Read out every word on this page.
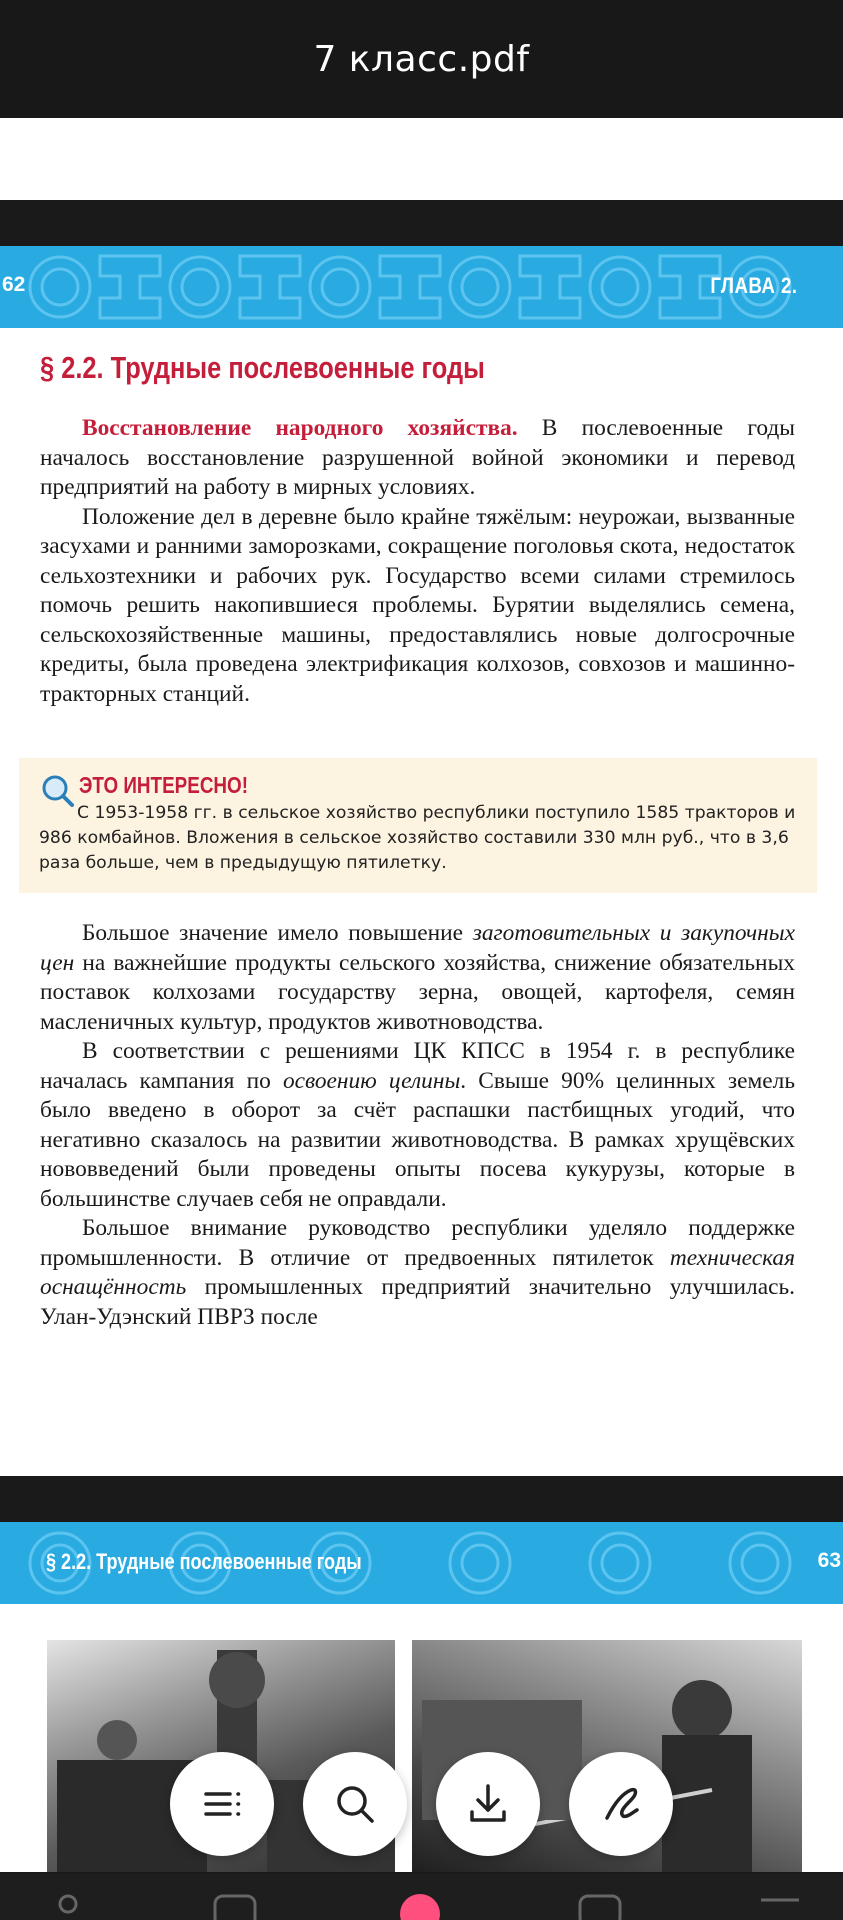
7 класс.pdf
62	ГЛАВА 2.
§ 2.2. Трудные послевоенные годы

Восстановление народного хозяйства. В послевоенные годы началось восстановление разрушенной войной экономики и перевод предприятий на работу в мирных условиях.

Положение дел в деревне было крайне тяжёлым: неурожаи, вызванные засухами и ранними заморозками, сокращение поголовья скота, недостаток сельхозтехники и рабочих рук. Государство всеми силами стремилось помочь решить накопившиеся проблемы. Бурятии выделялись семена, сельскохозяйственные машины, предоставлялись новые долгосрочные кредиты, была проведена электрификация колхозов, совхозов и машинно-тракторных станций.

ЭТО ИНТЕРЕСНО!
С 1953-1958 гг. в сельское хозяйство республики поступило 1585 тракторов и 986 комбайнов. Вложения в сельское хозяйство составили 330 млн руб., что в 3,6 раза больше, чем в предыдущую пятилетку.

Большое значение имело повышение заготовительных и закупочных цен на важнейшие продукты сельского хозяйства, снижение обязательных поставок колхозами государству зерна, овощей, картофеля, семян масленичных культур, продуктов животноводства.

В соответствии с решениями ЦК КПСС в 1954 г. в республике началась кампания по освоению целины. Свыше 90% целинных земель было введено в оборот за счёт распашки пастбищных угодий, что негативно сказалось на развитии животноводства. В рамках хрущёвских нововведений были проведены опыты посева кукурузы, которые в большинстве случаев себя не оправдали.

Большое внимание руководство республики уделяло поддержке промышленности. В отличие от предвоенных пятилеток техническая оснащённость промышленных предприятий значительно улучшилась. Улан-Удэнский ПВРЗ после

§ 2.2. Трудные послевоенные годы	63
